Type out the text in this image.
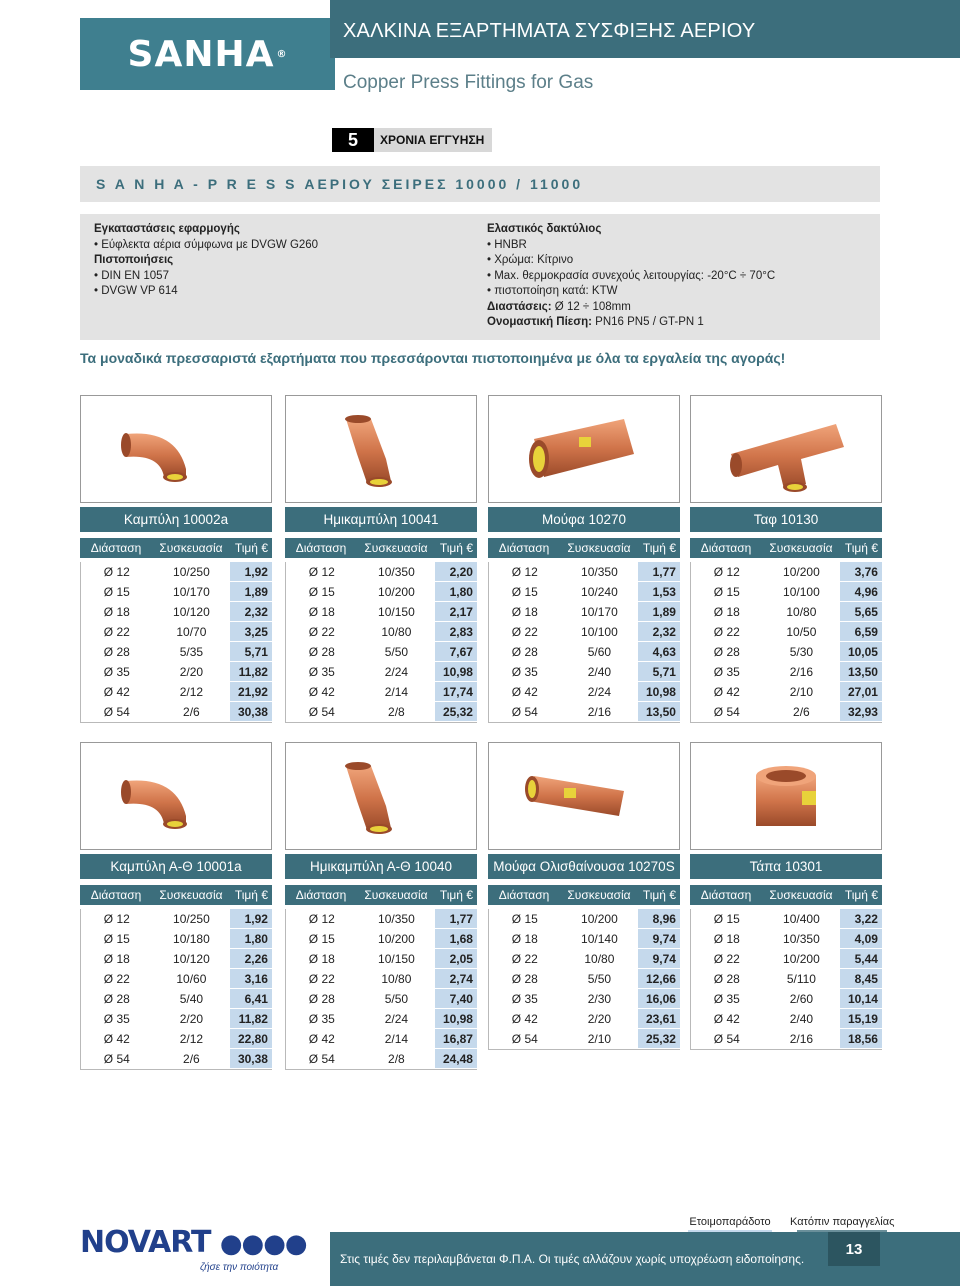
SANHA ®
ΧΑΛΚΙΝΑ ΕΞΑΡΤΗΜΑΤΑ ΣΥΣΦΙΞΗΣ ΑΕΡΙΟΥ
Copper Press Fittings for Gas
5	ΧΡΟΝΙΑ ΕΓΓΥΗΣΗ
S A N H A - P R E S S ΑΕΡΙΟΥ ΣΕΙΡΕΣ 10000 / 11000
Εγκαταστάσεις εφαρμογής
• Εύφλεκτα αέρια σύμφωνα με DVGW G260
Πιστοποιήσεις
• DIN EN 1057
• DVGW VP 614
Ελαστικός δακτύλιος
• HNBR
• Χρώμα: Κίτρινο
• Max. θερμοκρασία συνεχούς λειτουργίας: -20°C ÷ 70°C
• πιστοποίηση κατά: KTW
Διαστάσεις: Ø 12 ÷ 108mm
Ονομαστική Πίεση: PN16 PN5 / GT-PN 1
Τα μοναδικά πρεσσαριστά εξαρτήματα που πρεσσάρονται πιστοποιημένα με όλα τα εργαλεία της αγοράς!
Καμπύλη 10002a
Διάσταση	Συσκευασία	Τιμή €
Ø 12	10/250	1,92
Ø 15	10/170	1,89
Ø 18	10/120	2,32
Ø 22	10/70	3,25
Ø 28	5/35	5,71
Ø 35	2/20	11,82
Ø 42	2/12	21,92
Ø 54	2/6	30,38
Ημικαμπύλη 10041
Διάσταση	Συσκευασία	Τιμή €
Ø 12	10/350	2,20
Ø 15	10/200	1,80
Ø 18	10/150	2,17
Ø 22	10/80	2,83
Ø 28	5/50	7,67
Ø 35	2/24	10,98
Ø 42	2/14	17,74
Ø 54	2/8	25,32
Μούφα 10270
Διάσταση	Συσκευασία	Τιμή €
Ø 12	10/350	1,77
Ø 15	10/240	1,53
Ø 18	10/170	1,89
Ø 22	10/100	2,32
Ø 28	5/60	4,63
Ø 35	2/40	5,71
Ø 42	2/24	10,98
Ø 54	2/16	13,50
Ταφ 10130
Διάσταση	Συσκευασία	Τιμή €
Ø 12	10/200	3,76
Ø 15	10/100	4,96
Ø 18	10/80	5,65
Ø 22	10/50	6,59
Ø 28	5/30	10,05
Ø 35	2/16	13,50
Ø 42	2/10	27,01
Ø 54	2/6	32,93
Καμπύλη Α-Θ 10001a
Διάσταση	Συσκευασία	Τιμή €
Ø 12	10/250	1,92
Ø 15	10/180	1,80
Ø 18	10/120	2,26
Ø 22	10/60	3,16
Ø 28	5/40	6,41
Ø 35	2/20	11,82
Ø 42	2/12	22,80
Ø 54	2/6	30,38
Ημικαμπύλη Α-Θ 10040
Διάσταση	Συσκευασία	Τιμή €
Ø 12	10/350	1,77
Ø 15	10/200	1,68
Ø 18	10/150	2,05
Ø 22	10/80	2,74
Ø 28	5/50	7,40
Ø 35	2/24	10,98
Ø 42	2/14	16,87
Ø 54	2/8	24,48
Μούφα Ολισθαίνουσα 10270S
Διάσταση	Συσκευασία	Τιμή €
Ø 15	10/200	8,96
Ø 18	10/140	9,74
Ø 22	10/80	9,74
Ø 28	5/50	12,66
Ø 35	2/30	16,06
Ø 42	2/20	23,61
Ø 54	2/10	25,32
Τάπα 10301
Διάσταση	Συσκευασία	Τιμή €
Ø 15	10/400	3,22
Ø 18	10/350	4,09
Ø 22	10/200	5,44
Ø 28	5/110	8,45
Ø 35	2/60	10,14
Ø 42	2/40	15,19
Ø 54	2/16	18,56
Ετοιμοπαράδοτο Κατόπιν παραγγελίας
NOVART ●●●●
ζήσε την ποιότητα
Στις τιμές δεν περιλαμβάνεται Φ.Π.Α. Οι τιμές αλλάζουν χωρίς υποχρέωση ειδοποίησης.
13
